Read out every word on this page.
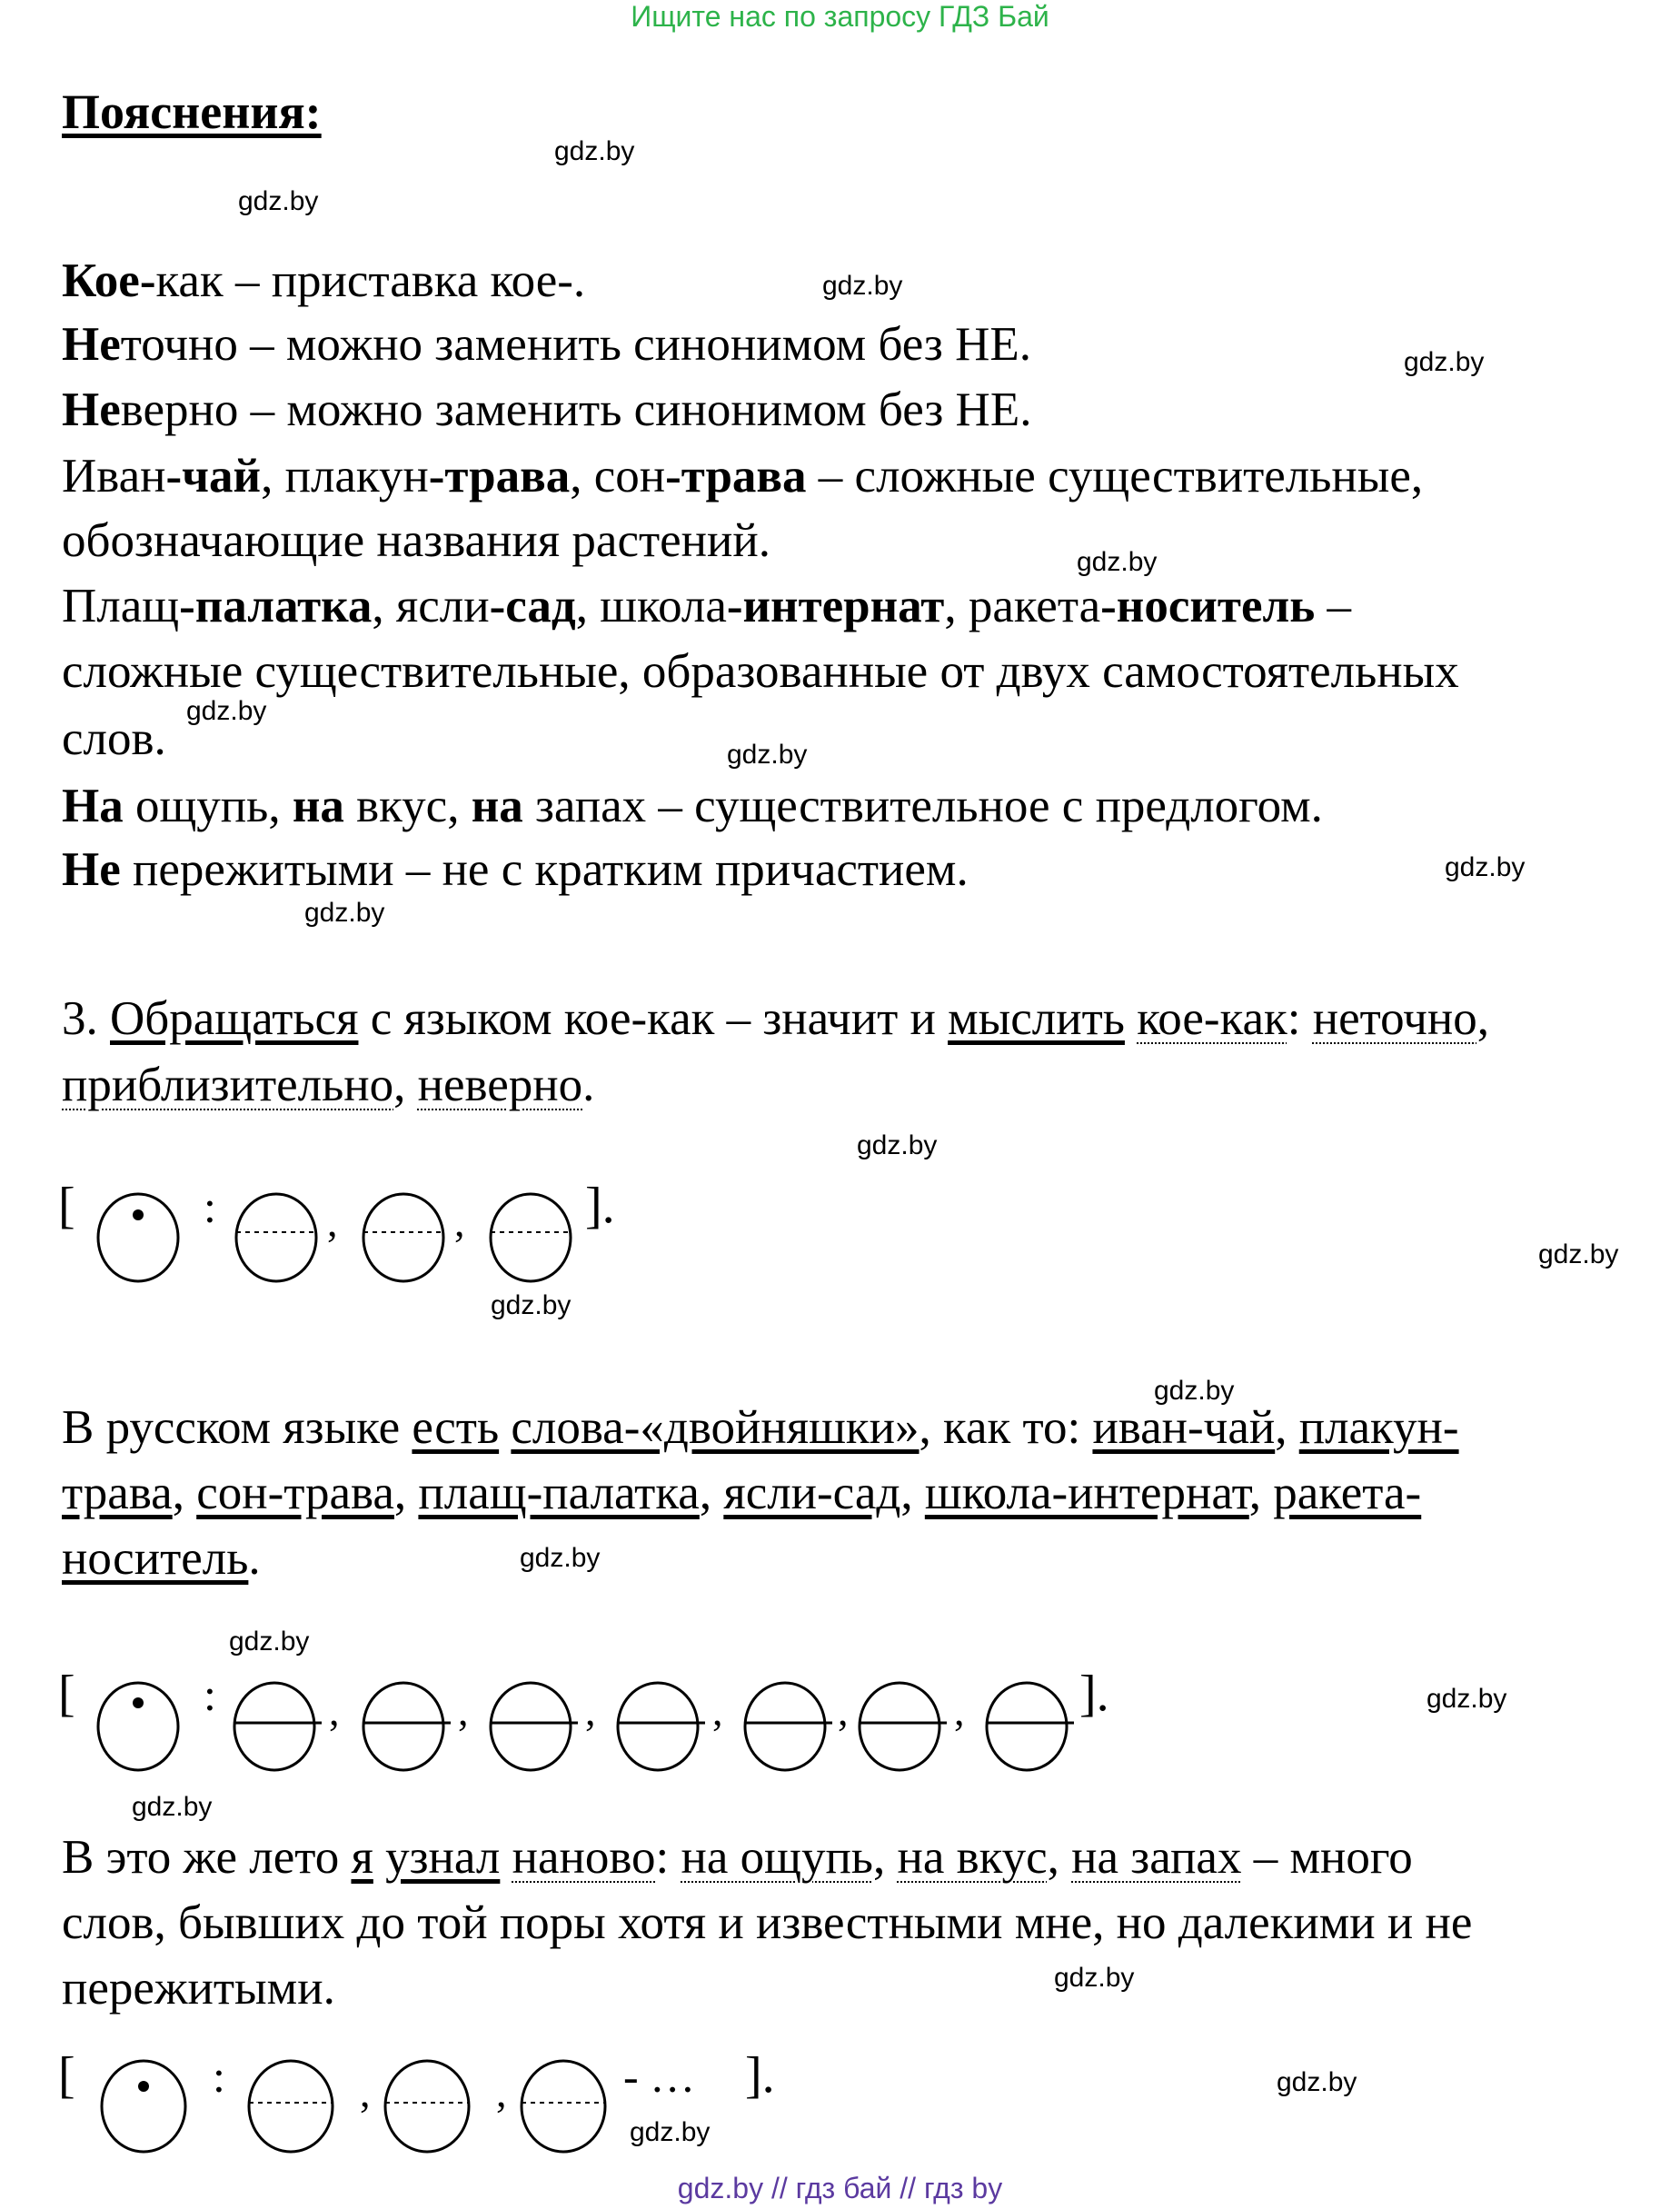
Ищите нас по запросу ГДЗ Бай
Пояснения:
gdz.by
gdz.by
gdz.by
gdz.by
gdz.by
gdz.by
gdz.by
gdz.by
gdz.by
gdz.by
gdz.by
gdz.by
gdz.by
gdz.by
gdz.by
gdz.by
gdz.by
gdz.by
gdz.by
gdz.by
Кое-как – приставка кое-.
Неточно – можно заменить синонимом без НЕ.
Неверно – можно заменить синонимом без НЕ.
Иван-чай, плакун-трава, сон-трава – сложные существительные,
обозначающие названия растений.
Плащ-палатка, ясли-сад, школа-интернат, ракета-носитель –
сложные существительные, образованные от двух самостоятельных
слов.
На ощупь, на вкус, на запах – существительное с предлогом.
Не пережитыми – не с кратким причастием.
3. Обращаться с языком кое-как – значит и мыслить кое-как: неточно,
приблизительно, неверно.
[	:	,	, ].
В русском языке есть слова-«двойняшки», как то: иван-чай, плакун-
трава, сон-трава, плащ-палатка, ясли-сад, школа-интернат, ракета-
носитель.
[	:	,	,	,	,	,	, ].
В это же лето я узнал наново: на ощупь, на вкус, на запах – много
слов, бывших до той поры хотя и известными мне, но далекими и не
пережитыми.
[	:	,	,	- … ].
gdz.by // гдз бай // гдз by
